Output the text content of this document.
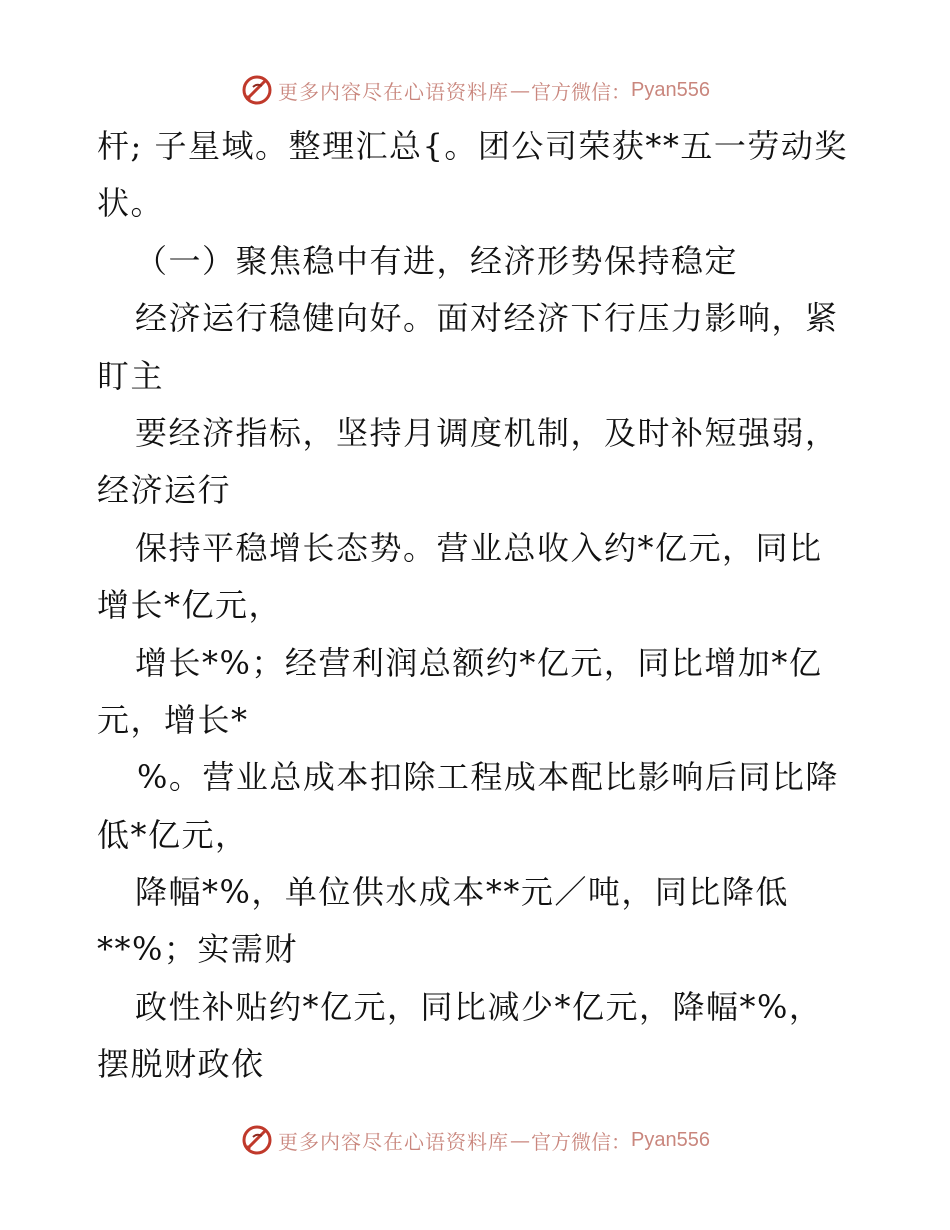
更多内容尽在心语资料库 — 官方微信： Pyan556
杆; 子星域。整理汇总{。团公司荣获**五一劳动奖
状。
（一）聚焦稳中有进，经济形势保持稳定
经济运行稳健向好。面对经济下行压力影响，紧
盯主
要经济指标，坚持月调度机制，及时补短强弱，
经济运行
保持平稳增长态势。营业总收入约*亿元，同比
增长*亿元，
增长*%；经营利润总额约*亿元，同比增加*亿
元，增长*
%。营业总成本扣除工程成本配比影响后同比降
低*亿元，
降幅*%，单位供水成本**元／吨，同比降低
**%；实需财
政性补贴约*亿元，同比减少*亿元，降幅*%，
摆脱财政依
更多内容尽在心语资料库 — 官方微信： Pyan556
